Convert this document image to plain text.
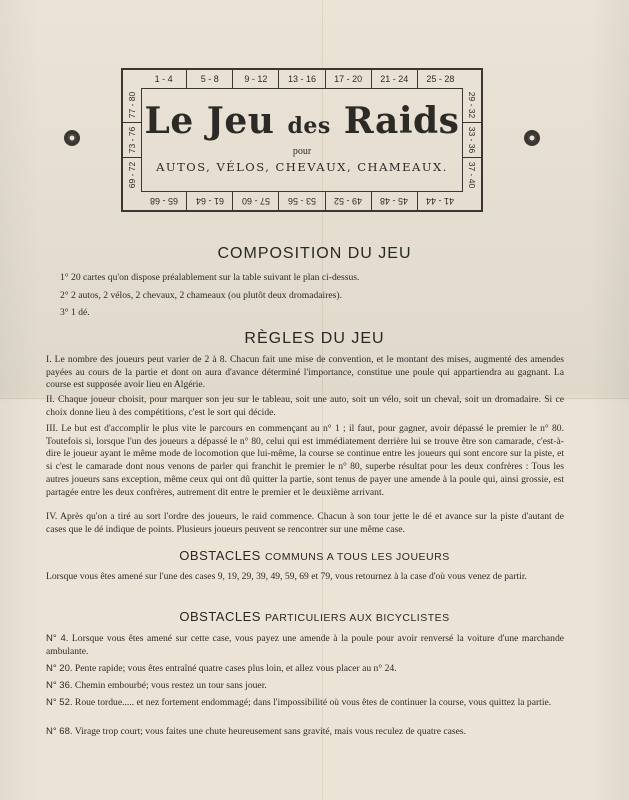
1 - 4	5 - 8	9 - 12 13 - 16 17 - 20 21 - 24 25 - 28
65 - 68 61 - 64 57 - 60 53 - 56 49 - 52 45 - 48 41 - 44
77 - 80
73 - 76
69 - 72
29 - 32
33 - 36
37 - 40
Le Jeu des Raids
pour
AUTOS, VÉLOS, CHEVAUX, CHAMEAUX.
COMPOSITION DU JEU
1° 20 cartes qu'on dispose préalablement sur la table suivant le plan ci-dessus.
2° 2 autos, 2 vélos, 2 chevaux, 2 chameaux (ou plutôt deux dromadaires).
3° 1 dé.
RÈGLES DU JEU
I. Le nombre des joueurs peut varier de 2 à 8. Chacun fait une mise de convention, et le montant des mises, augmenté des amendes payées au cours de la partie et dont on aura d'avance déterminé l'importance, constitue une poule qui appartiendra au gagnant. La course est supposée avoir lieu en Algérie.
II. Chaque joueur choisit, pour marquer son jeu sur le tableau, soit une auto, soit un vélo, soit un cheval, soit un dromadaire. Si ce choix donne lieu à des compétitions, c'est le sort qui décide.
III. Le but est d'accomplir le plus vite le parcours en commençant au n° 1 ; il faut, pour gagner, avoir dépassé le premier le n° 80. Toutefois si, lorsque l'un des joueurs a dépassé le n° 80, celui qui est immédiatement derrière lui se trouve être son camarade, c'est-à-dire le joueur ayant le même mode de locomotion que lui-même, la course se continue entre les joueurs qui sont encore sur la piste, et si c'est le camarade dont nous venons de parler qui franchit le premier le n° 80, superbe résultat pour les deux confrères : Tous les autres joueurs sans exception, même ceux qui ont dû quitter la partie, sont tenus de payer une amende à la poule qui, ainsi grossie, est partagée entre les deux confrères, autrement dit entre le premier et le deuxième arrivant.
IV. Après qu'on a tiré au sort l'ordre des joueurs, le raid commence. Chacun à son tour jette le dé et avance sur la piste d'autant de cases que le dé indique de points. Plusieurs joueurs peuvent se rencontrer sur une même case.
OBSTACLES COMMUNS A TOUS LES JOUEURS
Lorsque vous êtes amené sur l'une des cases 9, 19, 29, 39, 49, 59, 69 et 79, vous retournez à la case d'où vous venez de partir.
OBSTACLES PARTICULIERS AUX BICYCLISTES
N° 4. Lorsque vous êtes amené sur cette case, vous payez une amende à la poule pour avoir renversé la voiture d'une marchande ambulante.
N° 20. Pente rapide; vous êtes entraîné quatre cases plus loin, et allez vous placer au n° 24.
N° 36. Chemin embourbé; vous restez un tour sans jouer.
N° 52. Roue tordue..... et nez fortement endommagé; dans l'impossibilité où vous êtes de continuer la course, vous quittez la partie.
N° 68. Virage trop court; vous faites une chute heureusement sans gravité, mais vous reculez de quatre cases.
